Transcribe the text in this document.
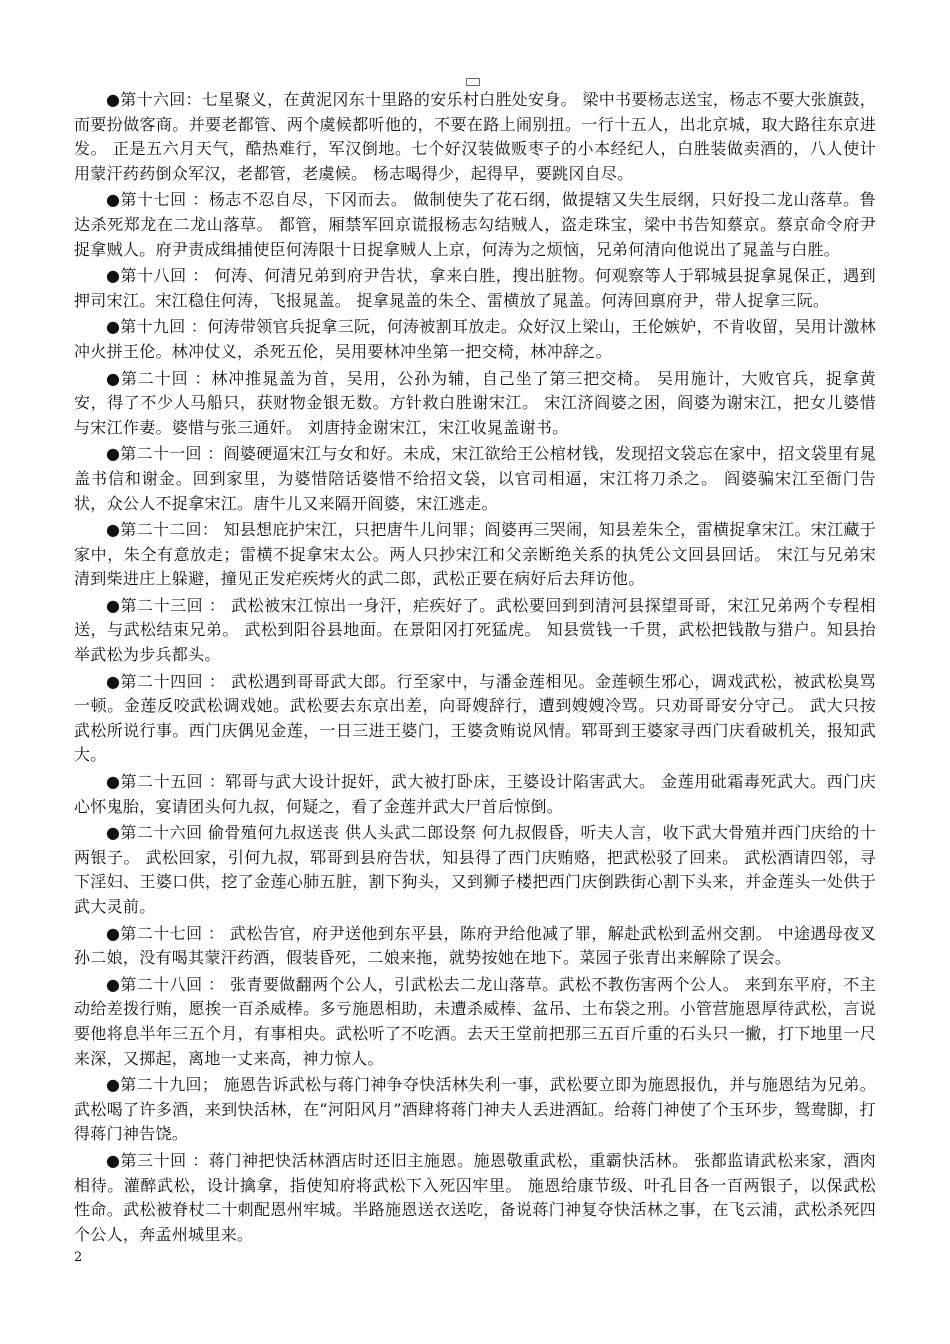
●第十六回：七星聚义，在黄泥冈东十里路的安乐村白胜处安身。 梁中书要杨志送宝，杨志不要大张旗鼓，而要扮做客商。并要老都管、两个虞候都听他的，不要在路上闹别扭。一行十五人，出北京城，取大路往东京进发。 正是五六月天气，酷热难行，军汉倒地。七个好汉装做贩枣子的小本经纪人，白胜装做卖酒的，八人使计用蒙汗药药倒众军汉，老都管，老虞候。 杨志喝得少，起得早，要跳冈自尽。

●第十七回 ：杨志不忍自尽，下冈而去。 做制使失了花石纲，做提辖又失生辰纲，只好投二龙山落草。鲁达杀死郑龙在二龙山落草。 都管，厢禁军回京谎报杨志勾结贼人，盗走珠宝，梁中书告知蔡京。蔡京命令府尹捉拿贼人。府尹责成缉捕使臣何涛限十日捉拿贼人上京，何涛为之烦恼，兄弟何清向他说出了晁盖与白胜。

●第十八回 ： 何涛、何清兄弟到府尹告状，拿来白胜，搜出脏物。何观察等人于郓城县捉拿晁保正，遇到押司宋江。宋江稳住何涛，飞报晁盖。 捉拿晁盖的朱仝、雷横放了晁盖。何涛回禀府尹，带人捉拿三阮。

●第十九回 ：何涛带领官兵捉拿三阮，何涛被割耳放走。众好汉上梁山，王伦嫉妒，不肯收留，吴用计激林冲火拼王伦。林冲仗义，杀死五伦，吴用要林冲坐第一把交椅，林冲辞之。

●第二十回 ：林冲推晁盖为首，吴用，公孙为辅，自己坐了第三把交椅。 吴用施计，大败官兵，捉拿黄安，得了不少人马船只，获财物金银无数。方针救白胜谢宋江。 宋江济阎婆之困，阎婆为谢宋江，把女儿婆惜与宋江作妻。婆惜与张三通奸。 刘唐持金谢宋江，宋江收晁盖谢书。

●第二十一回 ：阎婆硬逼宋江与女和好。未成，宋江欲给王公棺材钱，发现招文袋忘在家中，招文袋里有晁盖书信和谢金。回到家里，为婆惜陪话婆惜不给招文袋，以官司相逼，宋江将刀杀之。 阎婆骗宋江至衙门告状，众公人不捉拿宋江。唐牛儿又来隔开阎婆，宋江逃走。

●第二十二回： 知县想庇护宋江，只把唐牛儿问罪；阎婆再三哭闹，知县差朱仝，雷横捉拿宋江。宋江藏于家中，朱仝有意放走；雷横不捉拿宋太公。两人只抄宋江和父亲断绝关系的执凭公文回县回话。 宋江与兄弟宋清到柴进庄上躲避，撞见正发疟疾烤火的武二郎，武松正要在病好后去拜访他。

●第二十三回 ： 武松被宋江惊出一身汗，疟疾好了。武松要回到到清河县探望哥哥，宋江兄弟两个专程相送，与武松结束兄弟。 武松到阳谷县地面。在景阳冈打死猛虎。 知县赏钱一千贯，武松把钱散与猎户。知县抬举武松为步兵都头。

●第二十四回 ： 武松遇到哥哥武大郎。行至家中，与潘金莲相见。金莲顿生邪心，调戏武松，被武松臭骂一顿。金莲反咬武松调戏她。武松要去东京出差，向哥嫂辞行，遭到嫂嫂冷骂。只劝哥哥安分守己。 武大只按武松所说行事。西门庆偶见金莲，一日三进王婆门，王婆贪贿说风情。郓哥到王婆家寻西门庆看破机关，报知武大。

●第二十五回 ：郓哥与武大设计捉奸，武大被打卧床，王婆设计陷害武大。 金莲用砒霜毒死武大。西门庆心怀鬼胎，宴请团头何九叔，何疑之，看了金莲并武大尸首后惊倒。

●第二十六回 偷骨殖何九叔送丧 供人头武二郎设祭 何九叔假昏，听夫人言，收下武大骨殖并西门庆给的十两银子。 武松回家，引何九叔，郓哥到县府告状，知县得了西门庆贿赂，把武松驳了回来。 武松酒请四邻，寻下淫妇、王婆口供，挖了金莲心肺五脏，割下狗头，又到狮子楼把西门庆倒跌街心割下头来，并金莲头一处供于武大灵前。

●第二十七回 ： 武松告官，府尹送他到东平县，陈府尹给他减了罪，解赴武松到孟州交割。 中途遇母夜叉孙二娘，没有喝其蒙汗药酒，假装昏死，二娘来拖，就势按她在地下。菜园子张青出来解除了误会。

●第二十八回 ： 张青要做翻两个公人，引武松去二龙山落草。武松不教伤害两个公人。 来到东平府，不主动给差拨行贿，愿挨一百杀威棒。多亏施恩相助，未遭杀威棒、盆吊、土布袋之刑。小管营施恩厚待武松，言说要他将息半年三五个月，有事相央。武松听了不吃酒。去天王堂前把那三五百斤重的石头只一撇，打下地里一尺来深，又掷起，离地一丈来高，神力惊人。

●第二十九回； 施恩告诉武松与蒋门神争夺快活林失利一事，武松要立即为施恩报仇，并与施恩结为兄弟。 武松喝了许多酒，来到快活林，在“河阳风月”酒肆将蒋门神夫人丢进酒缸。给蒋门神使了个玉环步，鸳鸯脚，打得蒋门神告饶。

●第三十回 ：蒋门神把快活林酒店时还旧主施恩。施恩敬重武松，重霸快活林。 张都监请武松来家，酒肉相待。灌醉武松，设计擒拿，指使知府将武松下入死囚牢里。 施恩给康节级、叶孔目各一百两银子，以保武松性命。武松被脊杖二十刺配恩州牢城。半路施恩送衣送吃，备说蒋门神复夺快活林之事，在飞云浦，武松杀死四个公人，奔孟州城里来。

2
